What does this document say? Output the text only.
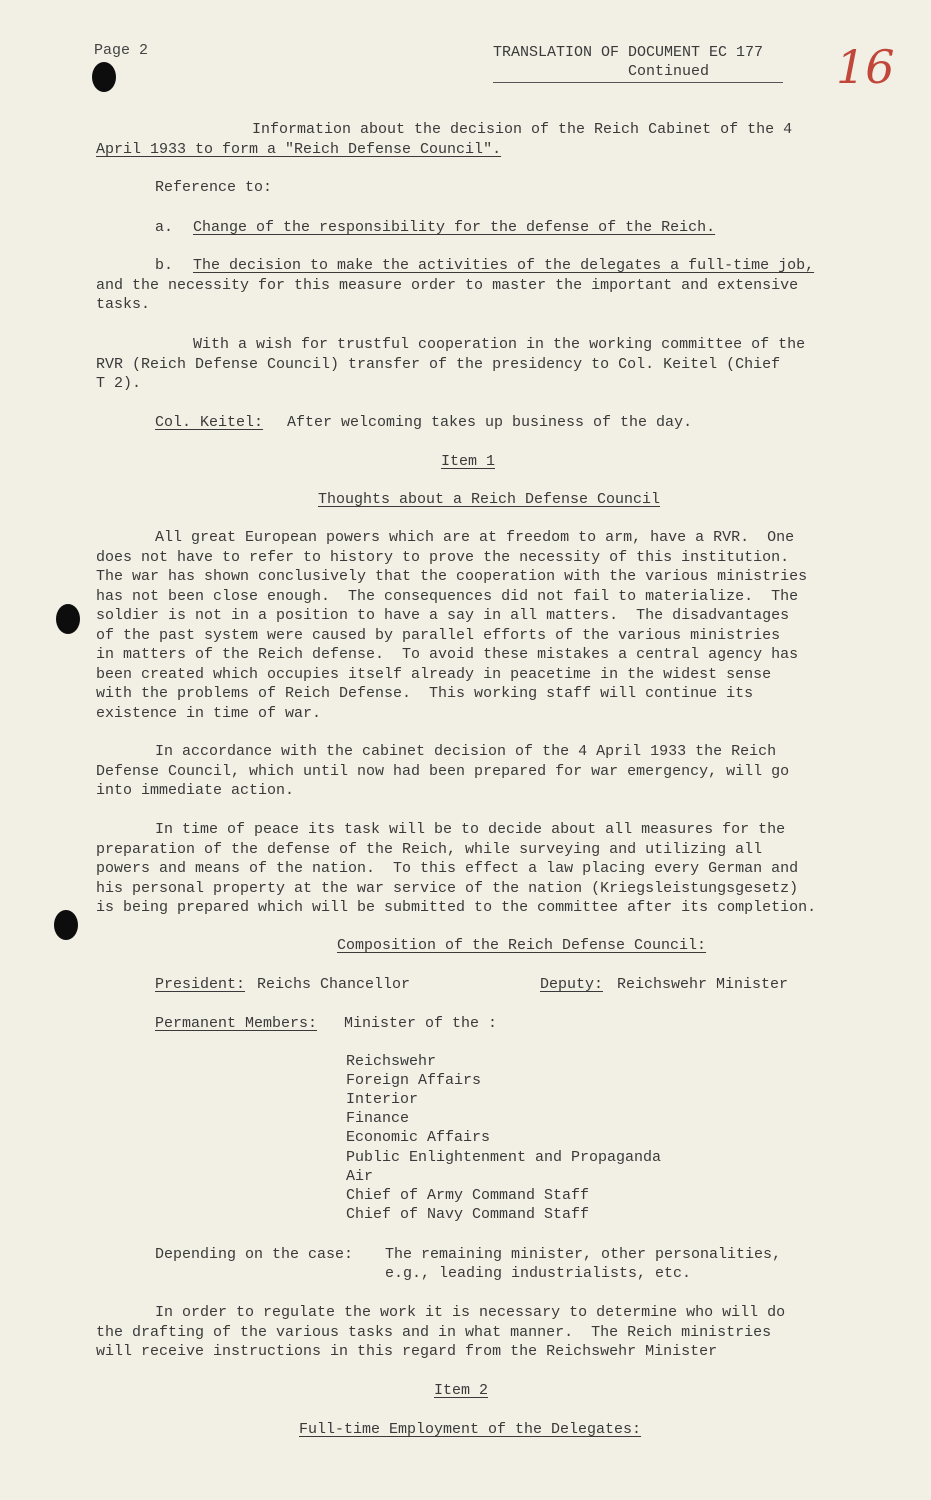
Page 2	TRANSLATION OF DOCUMENT EC 177
Continued	16
Information about the decision of the Reich Cabinet of the 4
April 1933 to form a "Reich Defense Council".
Reference to:
a. Change of the responsibility for the defense of the Reich.
b. The decision to make the activities of the delegates a full-time job,
and the necessity for this measure order to master the important and extensive
tasks.
With a wish for trustful cooperation in the working committee of the
RVR (Reich Defense Council) transfer of the presidency to Col. Keitel (Chief
T 2).
Col. Keitel: After welcoming takes up business of the day.
Item 1
Thoughts about a Reich Defense Council
All great European powers which are at freedom to arm, have a RVR.  One
does not have to refer to history to prove the necessity of this institution.
The war has shown conclusively that the cooperation with the various ministries
has not been close enough.  The consequences did not fail to materialize.  The
soldier is not in a position to have a say in all matters.  The disadvantages
of the past system were caused by parallel efforts of the various ministries
in matters of the Reich defense.  To avoid these mistakes a central agency has
been created which occupies itself already in peacetime in the widest sense
with the problems of Reich Defense.  This working staff will continue its
existence in time of war.
In accordance with the cabinet decision of the 4 April 1933 the Reich
Defense Council, which until now had been prepared for war emergency, will go
into immediate action.
In time of peace its task will be to decide about all measures for the
preparation of the defense of the Reich, while surveying and utilizing all
powers and means of the nation.  To this effect a law placing every German and
his personal property at the war service of the nation (Kriegsleistungsgesetz)
is being prepared which will be submitted to the committee after its completion.
Composition of the Reich Defense Council:
President: Reichs Chancellor	Deputy: Reichswehr Minister
Permanent Members: Minister of the :
Reichswehr
Foreign Affairs
Interior
Finance
Economic Affairs
Public Enlightenment and Propaganda
Air
Chief of Army Command Staff
Chief of Navy Command Staff
Depending on the case: The remaining minister, other personalities,
e.g., leading industrialists, etc.
In order to regulate the work it is necessary to determine who will do
the drafting of the various tasks and in what manner.  The Reich ministries
will receive instructions in this regard from the Reichswehr Minister
Item 2
Full-time Employment of the Delegates:
